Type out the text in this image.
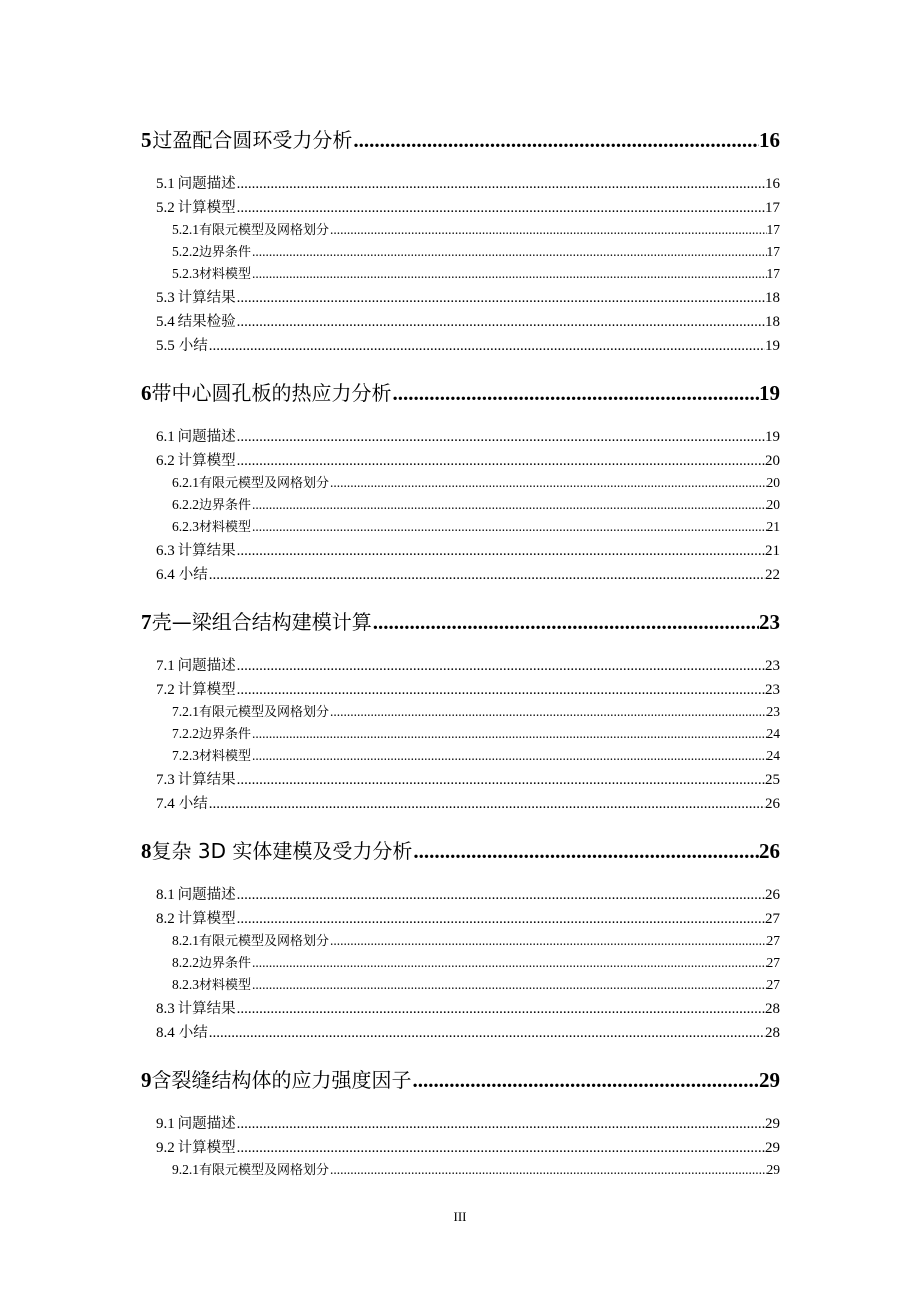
5 过盈配合圆环受力分析 .....	16
5.1 问题描述 .....	16
5.2 计算模型 .....	17
5.2.1 有限元模型及网格划分 .....	17
5.2.2 边界条件 .....	17
5.2.3 材料模型 .....	17
5.3 计算结果 .....	18
5.4 结果检验 .....	18
5.5 小结 .....	19
6 带中心圆孔板的热应力分析 .....	19
6.1 问题描述 .....	19
6.2 计算模型 .....	20
6.2.1 有限元模型及网格划分 .....	20
6.2.2 边界条件 .....	20
6.2.3 材料模型 .....	21
6.3 计算结果 .....	21
6.4 小结 .....	22
7 壳—梁组合结构建模计算 .....	23
7.1 问题描述 .....	23
7.2 计算模型 .....	23
7.2.1 有限元模型及网格划分 .....	23
7.2.2 边界条件 .....	24
7.2.3 材料模型 .....	24
7.3 计算结果 .....	25
7.4 小结 .....	26
8 复杂 3D 实体建模及受力分析 .....	26
8.1 问题描述 .....	26
8.2 计算模型 .....	27
8.2.1 有限元模型及网格划分 .....	27
8.2.2 边界条件 .....	27
8.2.3 材料模型 .....	27
8.3 计算结果 .....	28
8.4 小结 .....	28
9 含裂缝结构体的应力强度因子 .....	29
9.1 问题描述 .....	29
9.2 计算模型 .....	29
9.2.1 有限元模型及网格划分 .....	29
III
